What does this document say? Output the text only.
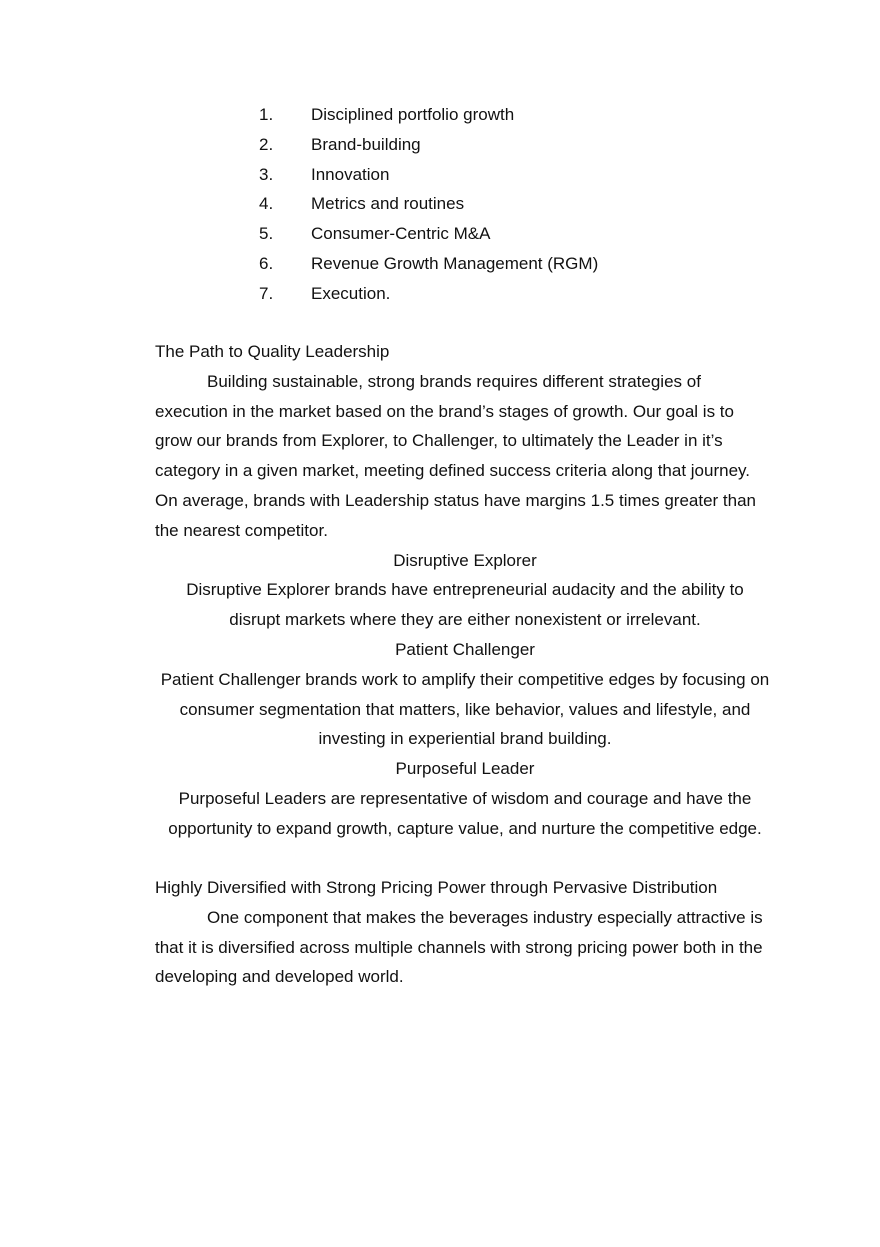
1.	Disciplined portfolio growth
2.	Brand-building
3.	Innovation
4.	Metrics and routines
5.	Consumer-Centric M&A
6.	Revenue Growth Management (RGM)
7.	Execution.

The Path to Quality Leadership

Building sustainable, strong brands requires different strategies of execution in the market based on the brand’s stages of growth. Our goal is to grow our brands from Explorer, to Challenger, to ultimately the Leader in it’s category in a given market, meeting defined success criteria along that journey. On average, brands with Leadership status have margins 1.5 times greater than the nearest competitor.

Disruptive Explorer

Disruptive Explorer brands have entrepreneurial audacity and the ability to disrupt markets where they are either nonexistent or irrelevant.

Patient Challenger

Patient Challenger brands work to amplify their competitive edges by focusing on consumer segmentation that matters, like behavior, values and lifestyle, and investing in experiential brand building.

Purposeful Leader

Purposeful Leaders are representative of wisdom and courage and have the opportunity to expand growth, capture value, and nurture the competitive edge.

Highly Diversified with Strong Pricing Power through Pervasive Distribution

One component that makes the beverages industry especially attractive is that it is diversified across multiple channels with strong pricing power both in the developing and developed world.
